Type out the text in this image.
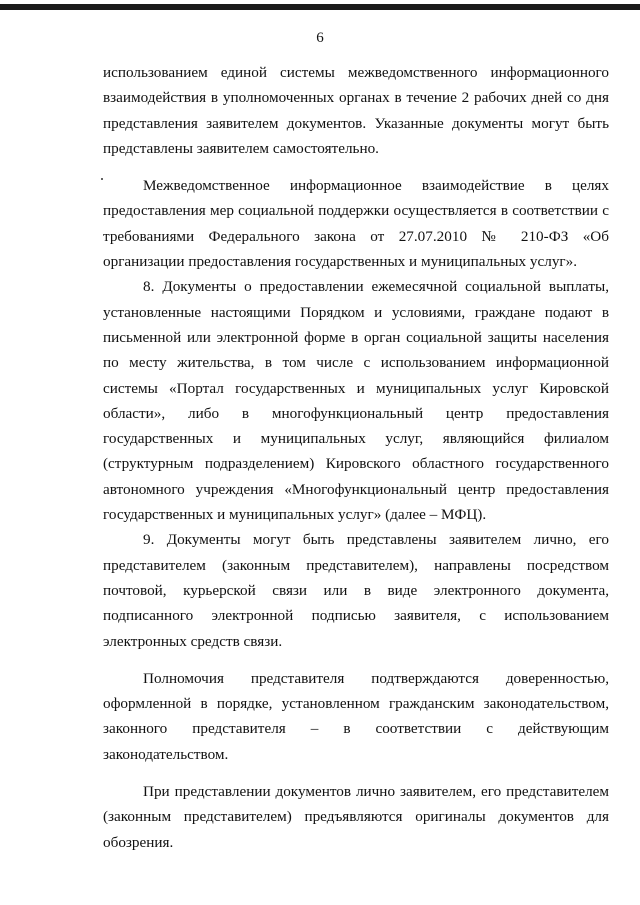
6

использованием единой системы межведомственного информационного взаимодействия в уполномоченных органах в течение 2 рабочих дней со дня представления заявителем документов. Указанные документы могут быть представлены заявителем самостоятельно.

Межведомственное информационное взаимодействие в целях предоставления мер социальной поддержки осуществляется в соответствии с требованиями Федерального закона от 27.07.2010 № 210-ФЗ «Об организации предоставления государственных и муниципальных услуг».

8. Документы о предоставлении ежемесячной социальной выплаты, установленные настоящими Порядком и условиями, граждане подают в письменной или электронной форме в орган социальной защиты населения по месту жительства, в том числе с использованием информационной системы «Портал государственных и муниципальных услуг Кировской области», либо в многофункциональный центр предоставления государственных и муниципальных услуг, являющийся филиалом (структурным подразделением) Кировского областного государственного автономного учреждения «Многофункциональный центр предоставления государственных и муниципальных услуг» (далее – МФЦ).

9. Документы могут быть представлены заявителем лично, его представителем (законным представителем), направлены посредством почтовой, курьерской связи или в виде электронного документа, подписанного электронной подписью заявителя, с использованием электронных средств связи.

Полномочия представителя подтверждаются доверенностью, оформленной в порядке, установленном гражданским законодательством, законного представителя – в соответствии с действующим законодательством.

При представлении документов лично заявителем, его представителем (законным представителем) предъявляются оригиналы документов для обозрения.
